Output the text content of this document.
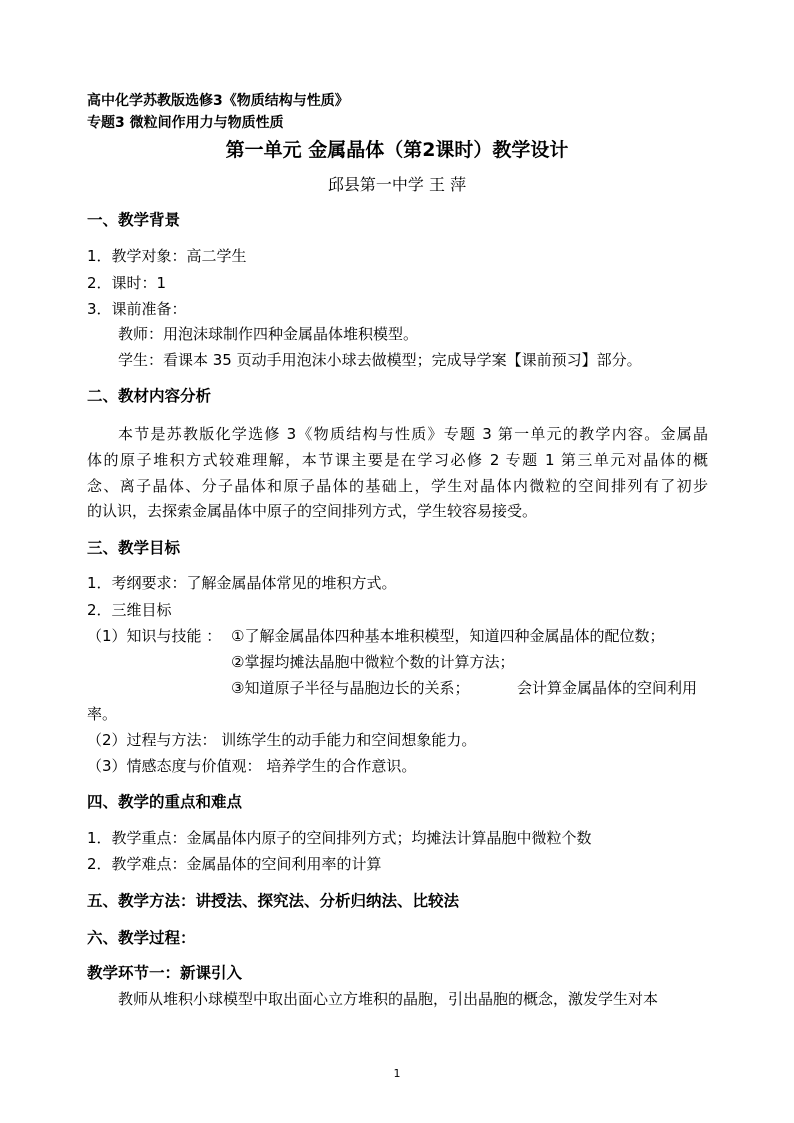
高中化学苏教版选修3《物质结构与性质》
专题3 微粒间作用力与物质性质
第一单元 金属晶体（第2课时）教学设计
邱县第一中学 王 萍
一、教学背景
1．教学对象：高二学生
2．课时：1
3．课前准备：
教师：用泡沫球制作四种金属晶体堆积模型。
学生：看课本 35 页动手用泡沫小球去做模型；完成导学案【课前预习】部分。
二、教材内容分析
本节是苏教版化学选修 3《物质结构与性质》专题 3 第一单元的教学内容。金属晶
体的原子堆积方式较难理解，本节课主要是在学习必修 2 专题 1 第三单元对晶体的概
念、离子晶体、分子晶体和原子晶体的基础上，学生对晶体内微粒的空间排列有了初步
的认识，去探索金属晶体中原子的空间排列方式，学生较容易接受。
三、教学目标
1．考纲要求：了解金属晶体常见的堆积方式。
2．三维目标
（1）知识与技能 ： ①了解金属晶体四种基本堆积模型，知道四种金属晶体的配位数；
②掌握均摊法晶胞中微粒个数的计算方法；
③知道原子半径与晶胞边长的关系；	会计算金属晶体的空间利用
率。
（2）过程与方法： 训练学生的动手能力和空间想象能力。
（3）情感态度与价值观： 培养学生的合作意识。
四、教学的重点和难点
1．教学重点：金属晶体内原子的空间排列方式；均摊法计算晶胞中微粒个数
2．教学难点：金属晶体的空间利用率的计算
五、教学方法：讲授法、探究法、分析归纳法、比较法
六、教学过程：
教学环节一：新课引入
教师从堆积小球模型中取出面心立方堆积的晶胞，引出晶胞的概念，激发学生对本
1
